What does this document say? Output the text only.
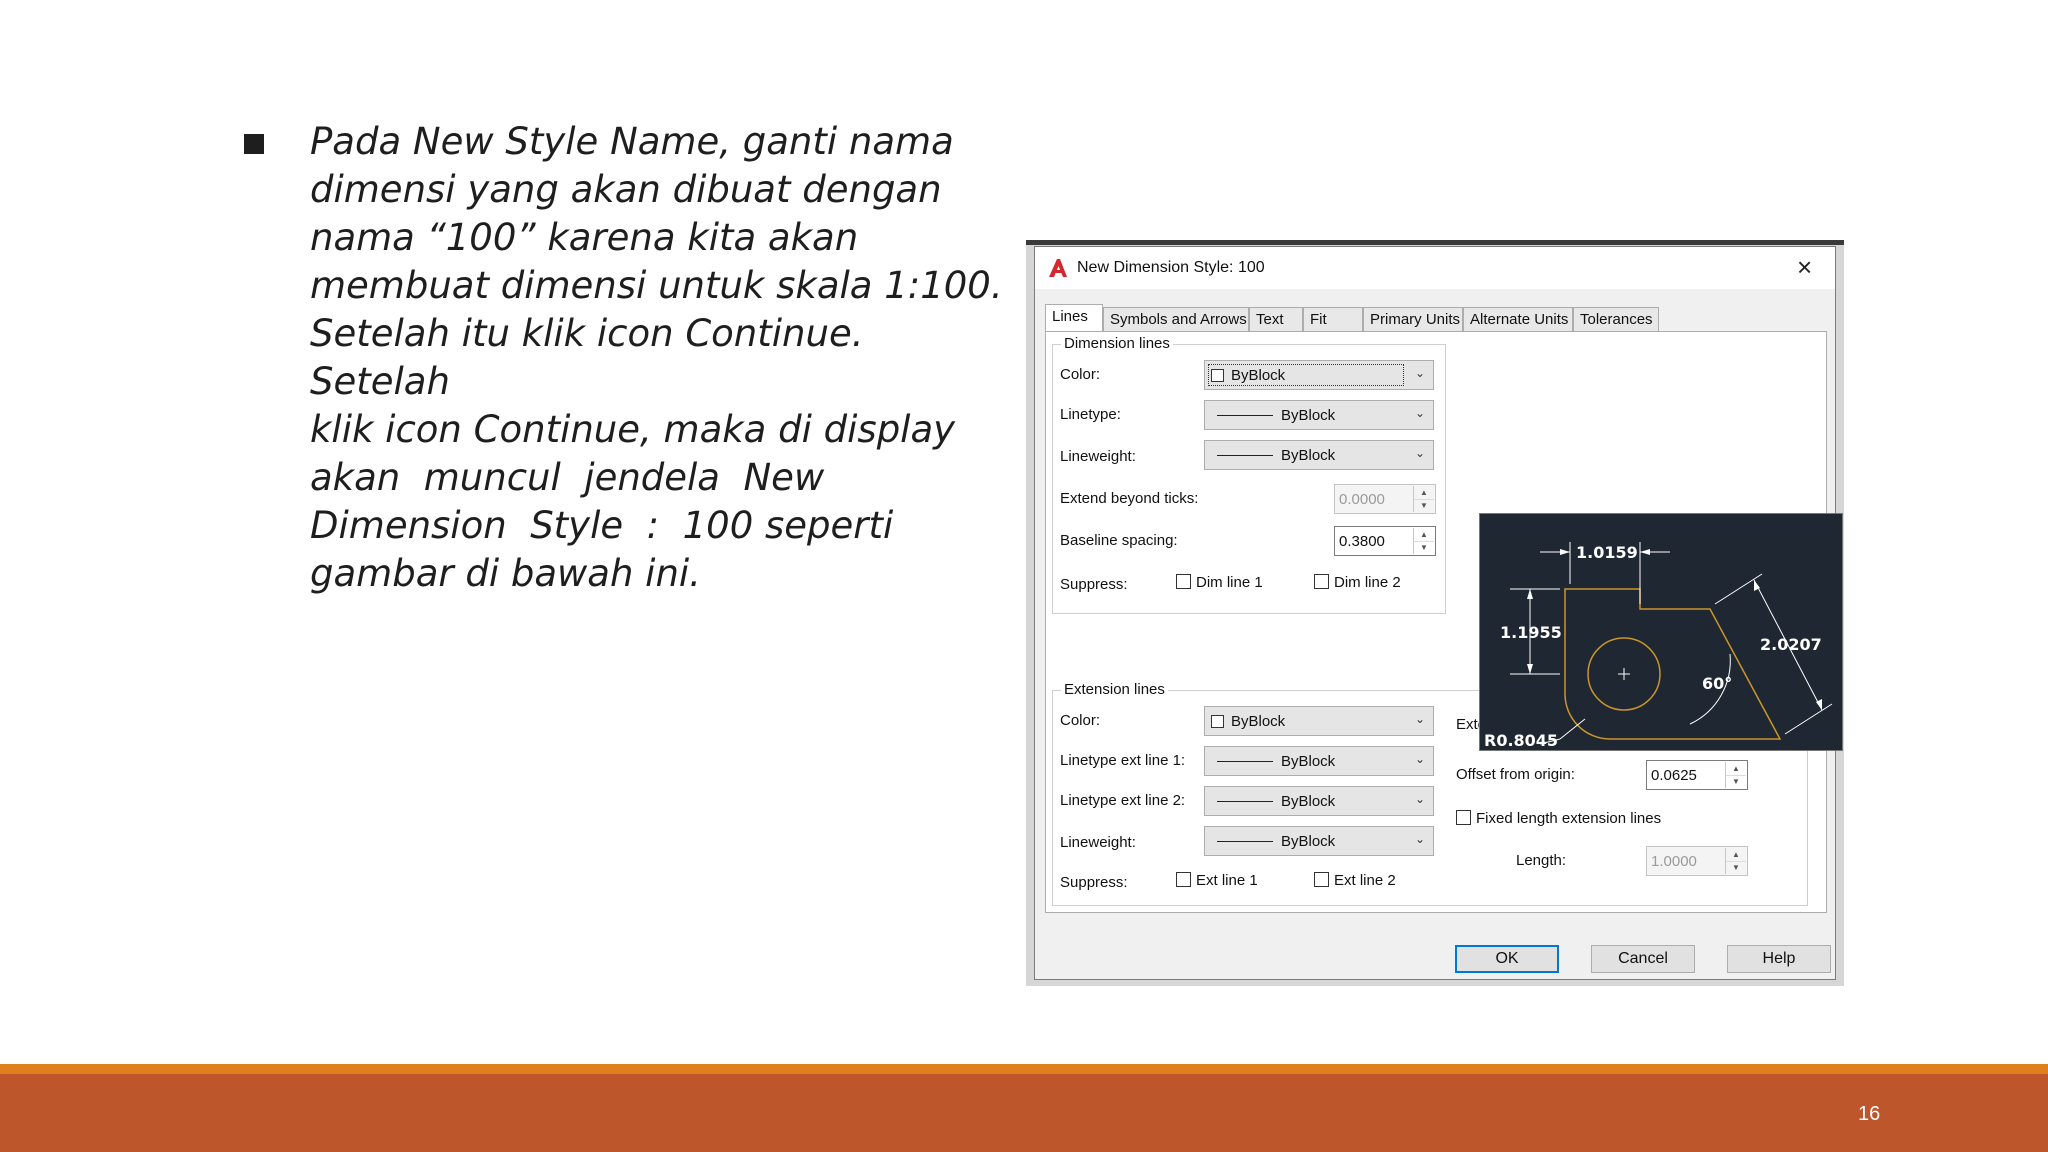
Pada New Style Name, ganti nama
dimensi yang akan dibuat dengan
nama “100” karena kita akan
membuat dimensi untuk skala 1:100.
Setelah itu klik icon Continue. Setelah
klik icon Continue, maka di display
akan  muncul  jendela  New
Dimension  Style  :  100 seperti
gambar di bawah ini.

New Dimension Style: 100	×
Lines	Symbols and Arrows Text	Fit	Primary Units Alternate Units Tolerances
Dimension lines
Color:	ByBlock	⌄
Linetype:	ByBlock	⌄
Lineweight:	ByBlock	⌄
Extend beyond ticks:
0.0000	▲
▼
Baseline spacing:
0.3800	▲
▼
Suppress:	Dim line 1	Dim line 2
Extension lines
Color:	ByBlock	⌄
Linetype ext line 1:	ByBlock	⌄
Linetype ext line 2:	ByBlock	⌄
Lineweight:	ByBlock	⌄
Suppress:	Ext line 1	Ext line 2
Extend beyond dim lines:
0.1800	▲
▼
Offset from origin:
0.0625	▲
▼
Fixed length extension lines
Length:
1.0000	▲
▼
1.0159
1.1955
2.0207
60°
R0.8045
OK	Cancel	Help
16
